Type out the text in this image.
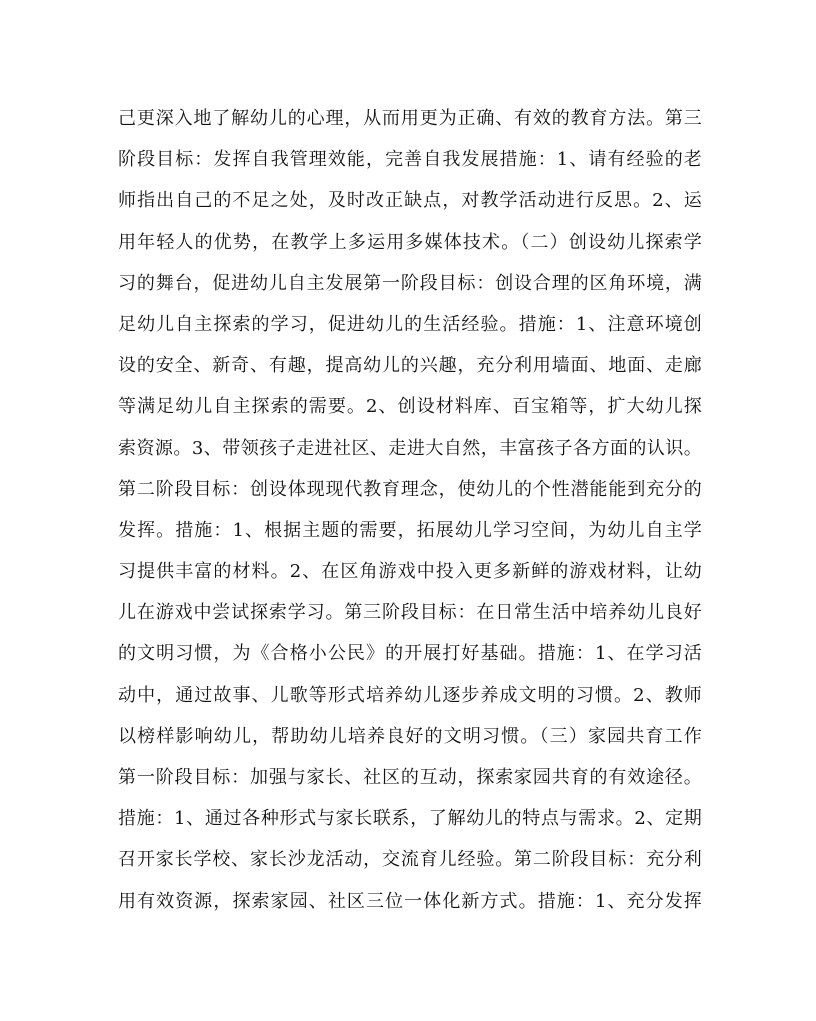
己更深入地了解幼儿的心理，从而用更为正确、有效的教育方法。第三
阶段目标：发挥自我管理效能，完善自我发展措施：1、请有经验的老
师指出自己的不足之处，及时改正缺点，对教学活动进行反思。2、运
用年轻人的优势，在教学上多运用多媒体技术。（二）创设幼儿探索学
习的舞台，促进幼儿自主发展第一阶段目标：创设合理的区角环境，满
足幼儿自主探索的学习，促进幼儿的生活经验。措施：1、注意环境创
设的安全、新奇、有趣，提高幼儿的兴趣，充分利用墙面、地面、走廊
等满足幼儿自主探索的需要。2、创设材料库、百宝箱等，扩大幼儿探
索资源。3、带领孩子走进社区、走进大自然，丰富孩子各方面的认识。
第二阶段目标：创设体现现代教育理念，使幼儿的个性潜能能到充分的
发挥。措施：1、根据主题的需要，拓展幼儿学习空间，为幼儿自主学
习提供丰富的材料。2、在区角游戏中投入更多新鲜的游戏材料，让幼
儿在游戏中尝试探索学习。第三阶段目标：在日常生活中培养幼儿良好
的文明习惯，为《合格小公民》的开展打好基础。措施：1、在学习活
动中，通过故事、儿歌等形式培养幼儿逐步养成文明的习惯。2、教师
以榜样影响幼儿，帮助幼儿培养良好的文明习惯。（三）家园共育工作
第一阶段目标：加强与家长、社区的互动，探索家园共育的有效途径。
措施：1、通过各种形式与家长联系，了解幼儿的特点与需求。2、定期
召开家长学校、家长沙龙活动，交流育儿经验。第二阶段目标：充分利
用有效资源，探索家园、社区三位一体化新方式。措施：1、充分发挥
